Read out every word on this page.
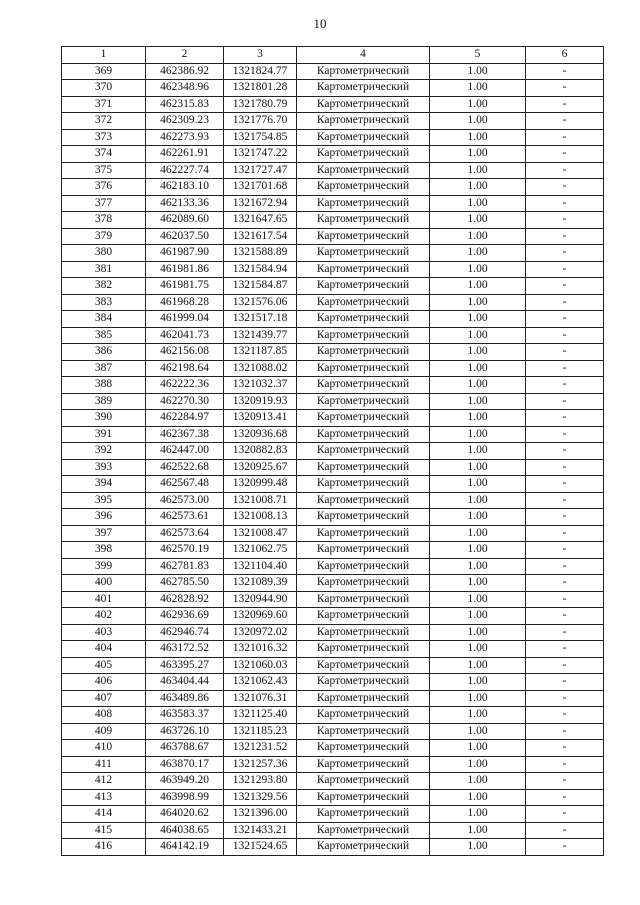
10
1	2	3	4	5	6
369	462386.92	1321824.77	Картометрический	1.00	-
370	462348.96	1321801.28	Картометрический	1.00	-
371	462315.83	1321780.79	Картометрический	1.00	-
372	462309.23	1321776.70	Картометрический	1.00	-
373	462273.93	1321754.85	Картометрический	1.00	-
374	462261.91	1321747.22	Картометрический	1.00	-
375	462227.74	1321727.47	Картометрический	1.00	-
376	462183.10	1321701.68	Картометрический	1.00	-
377	462133.36	1321672.94	Картометрический	1.00	-
378	462089.60	1321647.65	Картометрический	1.00	-
379	462037.50	1321617.54	Картометрический	1.00	-
380	461987.90	1321588.89	Картометрический	1.00	-
381	461981.86	1321584.94	Картометрический	1.00	-
382	461981.75	1321584.87	Картометрический	1.00	-
383	461968.28	1321576.06	Картометрический	1.00	-
384	461999.04	1321517.18	Картометрический	1.00	-
385	462041.73	1321439.77	Картометрический	1.00	-
386	462156.08	1321187.85	Картометрический	1.00	-
387	462198.64	1321088.02	Картометрический	1.00	-
388	462222.36	1321032.37	Картометрический	1.00	-
389	462270.30	1320919.93	Картометрический	1.00	-
390	462284.97	1320913.41	Картометрический	1.00	-
391	462367.38	1320936.68	Картометрический	1.00	-
392	462447.00	1320882.83	Картометрический	1.00	-
393	462522.68	1320925.67	Картометрический	1.00	-
394	462567.48	1320999.48	Картометрический	1.00	-
395	462573.00	1321008.71	Картометрический	1.00	-
396	462573.61	1321008.13	Картометрический	1.00	-
397	462573.64	1321008.47	Картометрический	1.00	-
398	462570.19	1321062.75	Картометрический	1.00	-
399	462781.83	1321104.40	Картометрический	1.00	-
400	462785.50	1321089.39	Картометрический	1.00	-
401	462828.92	1320944.90	Картометрический	1.00	-
402	462936.69	1320969.60	Картометрический	1.00	-
403	462946.74	1320972.02	Картометрический	1.00	-
404	463172.52	1321016.32	Картометрический	1.00	-
405	463395.27	1321060.03	Картометрический	1.00	-
406	463404.44	1321062.43	Картометрический	1.00	-
407	463489.86	1321076.31	Картометрический	1.00	-
408	463583.37	1321125.40	Картометрический	1.00	-
409	463726.10	1321185.23	Картометрический	1.00	-
410	463788.67	1321231.52	Картометрический	1.00	-
411	463870.17	1321257.36	Картометрический	1.00	-
412	463949.20	1321293.80	Картометрический	1.00	-
413	463998.99	1321329.56	Картометрический	1.00	-
414	464020.62	1321396.00	Картометрический	1.00	-
415	464038.65	1321433.21	Картометрический	1.00	-
416	464142.19	1321524.65	Картометрический	1.00	-
